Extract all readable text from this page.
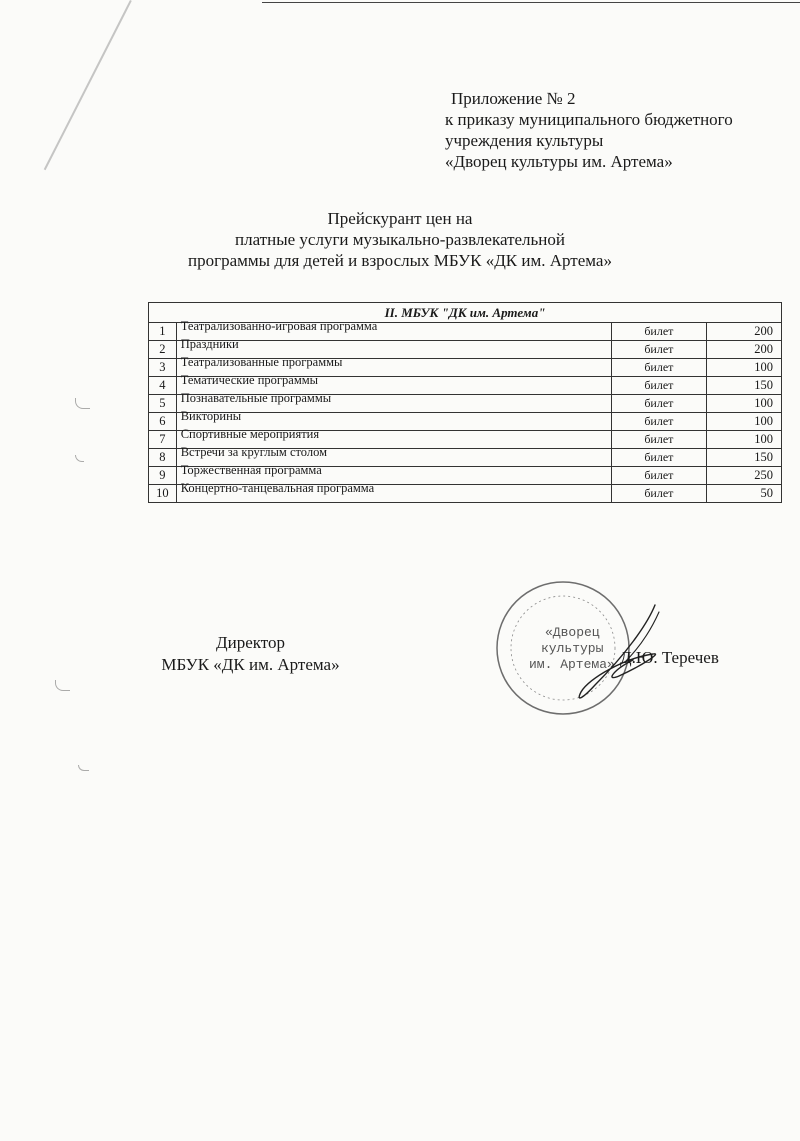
Приложение № 2
к приказу муниципального бюджетного
учреждения культуры
«Дворец культуры им. Артема»
Прейскурант цен на
платные услуги музыкально-развлекательной
программы для детей и взрослых МБУК «ДК им. Артема»
II. МБУК "ДК им. Артема"			
1	Театрализованно-игровая программа	билет	200
2	Праздники	билет	200
3	Театрализованные программы	билет	100
4	Тематические программы	билет	150
5	Познавательные программы	билет	100
6	Викторины	билет	100
7	Спортивные мероприятия	билет	100
8	Встречи за круглым столом	билет	150
9	Торжественная программа	билет	250
10	Концертно-танцевальная программа	билет	50
Директор
МБУК «ДК им. Артема»
«Дворец
культуры
им. Артема» Д.Ю. Теречев
